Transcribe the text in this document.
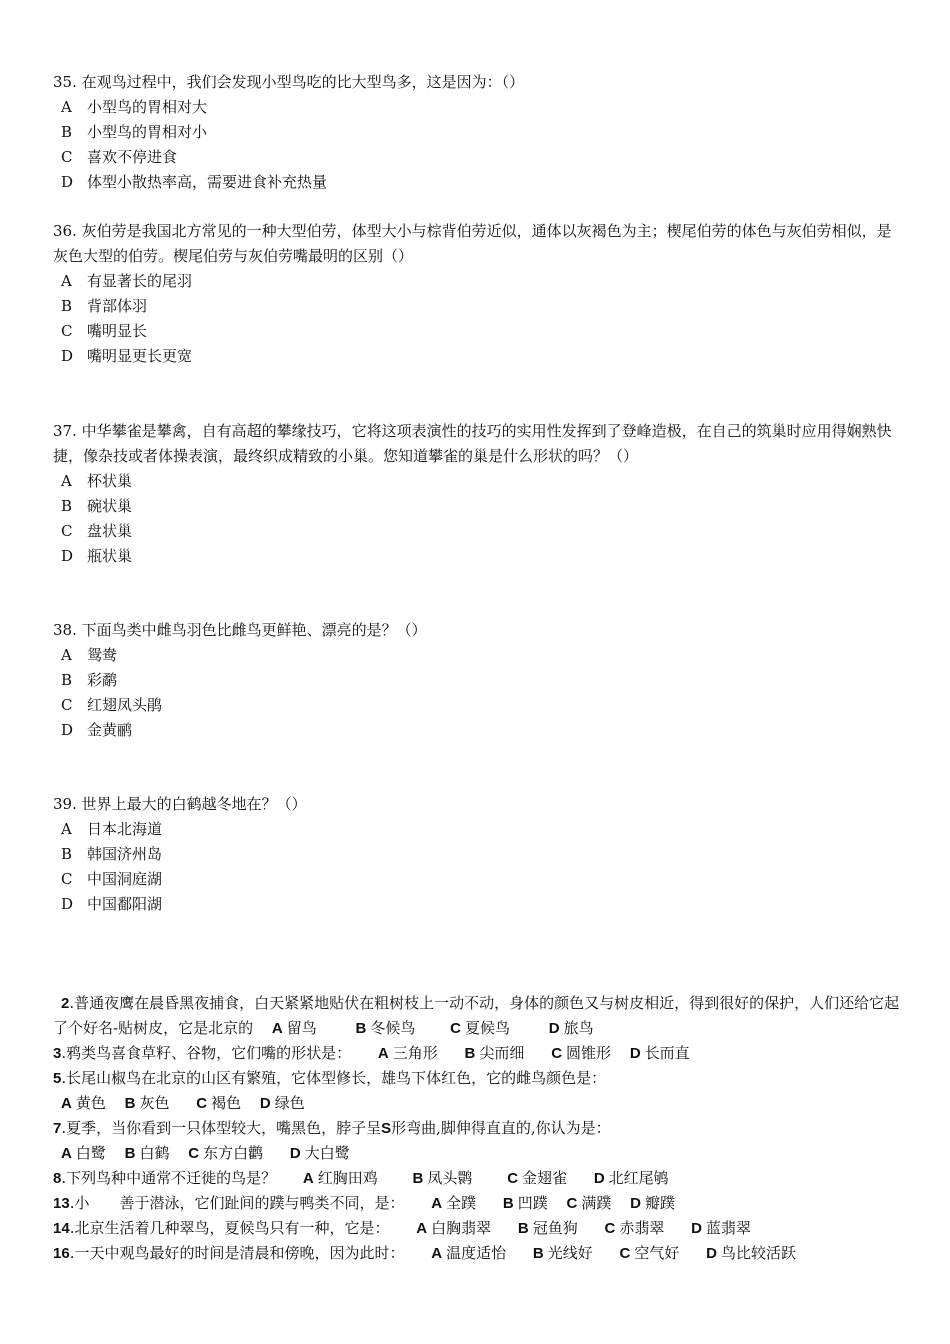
35. 在观鸟过程中，我们会发现小型鸟吃的比大型鸟多，这是因为：（）
A 小型鸟的胃相对大
B 小型鸟的胃相对小
C 喜欢不停进食
D 体型小散热率高，需要进食补充热量
36. 灰伯劳是我国北方常见的一种大型伯劳，体型大小与棕背伯劳近似，通体以灰褐色为主；楔尾伯劳的体色与灰伯劳相似，是灰色大型的伯劳。楔尾伯劳与灰伯劳嘴最明的区别（）
A 有显著长的尾羽
B 背部体羽
C 嘴明显长
D 嘴明显更长更宽
37. 中华攀雀是攀禽，自有高超的攀缘技巧，它将这项表演性的技巧的实用性发挥到了登峰造极，在自己的筑巢时应用得娴熟快捷，像杂技或者体操表演，最终织成精致的小巢。您知道攀雀的巢是什么形状的吗？（）
A 杯状巢
B 碗状巢
C 盘状巢
D 瓶状巢
38. 下面鸟类中雌鸟羽色比雌鸟更鲜艳、漂亮的是？（）
A 鸳鸯
B 彩鹬
C 红翅凤头鹃
D 金黄鹂
39. 世界上最大的白鹤越冬地在？（）
A 日本北海道
B 韩国济州岛
C 中国洞庭湖
D 中国鄱阳湖
2.普通夜鹰在晨昏黑夜捕食，白天紧紧地贴伏在粗树枝上一动不动，身体的颜色又与树皮相近，得到很好的保护，人们还给它起了个好名-贴树皮，它是北京的 A 留鸟	B 冬候鸟 C 夏候鸟	D 旅鸟
3.鸦类鸟喜食草籽、谷物，它们嘴的形状是： A 三角形 B 尖而细 C 圆锥形 D 长而直
5.长尾山椒鸟在北京的山区有繁殖，它体型修长，雄鸟下体红色，它的雌鸟颜色是：
A 黄色 B 灰色 C 褐色 D 绿色
7.夏季，当你看到一只体型较大，嘴黑色，脖子呈S形弯曲,脚伸得直直的,你认为是：
A 白鹭 B 白鹤 C 东方白鹳 D 大白鹭
8.下列鸟种中通常不迁徙的鸟是？ A 红胸田鸡 B 凤头鹮 C 金翅雀 D 北红尾鸲
13.小　　善于潜泳，它们趾间的蹼与鸭类不同，是： A 全蹼 B 凹蹼 C 满蹼 D 瓣蹼
14.北京生活着几种翠鸟，夏候鸟只有一种，它是： A 白胸翡翠 B 冠鱼狗 C 赤翡翠 D 蓝翡翠
16.一天中观鸟最好的时间是清晨和傍晚，因为此时： A 温度适怡 B 光线好 C 空气好 D 鸟比较活跃
